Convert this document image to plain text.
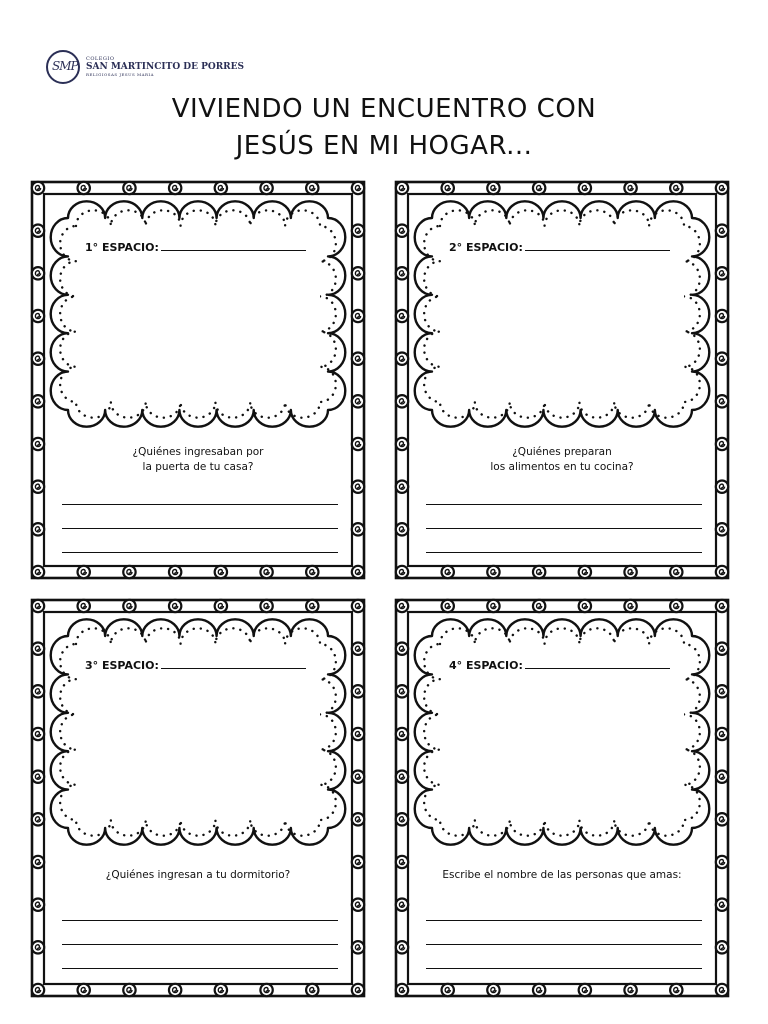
SMP COLEGIO
SAN MARTINCITO DE PORRES
RELIGIOSAS JESUS MARIA
VIVIENDO UN ENCUENTRO CON
JESÚS EN MI HOGAR...
1° ESPACIO:
¿Quiénes ingresaban por
la puerta de tu casa?
2° ESPACIO:
¿Quiénes preparan
los alimentos en tu cocina?
3° ESPACIO:
¿Quiénes ingresan a tu dormitorio?
4° ESPACIO:
Escribe el nombre de las personas que amas:
